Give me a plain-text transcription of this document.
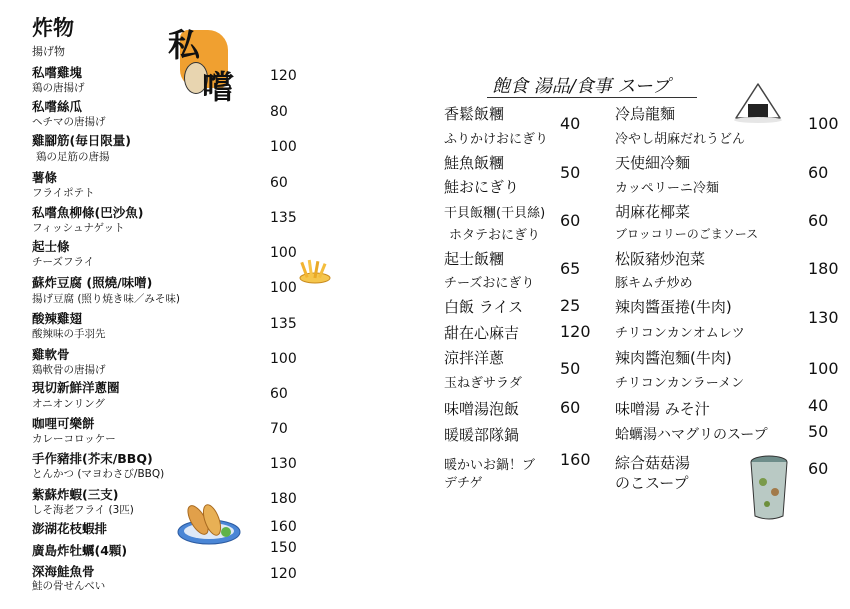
炸物
揚げ物	私
嚐
私嚐雞塊
鶏の唐揚げ
120
私嚐絲瓜
ヘチマの唐揚げ
80
雞腳筋(毎日限量)
鶏の足筋の唐揚
100
薯條
フライポテト
60
私嚐魚柳條(巴沙魚)
フィッシュナゲット
135
起士條
チーズフライ
100
蘇炸豆腐 (照燒/味噌)
揚げ豆腐 (照り焼き味／みそ味)
100
酸辣雞翅
酸辣味の手羽先
135
雞軟骨
鶏軟骨の唐揚げ
100
現切新鮮洋蔥圈
オニオンリング
60
咖哩可樂餅
カレーコロッケー
70
手作豬排(芥末/BBQ)
とんかつ (マヨわさび/BBQ)
130
紫蘇炸蝦(三支)
しそ海老フライ (3匹)
180
澎湖花枝蝦排	160
廣島炸牡蠣(4顆)	150
深海鮭魚骨
鮭の骨せんべい
120
飽食 湯品/食事 スープ
香鬆飯糰
ふりかけおにぎり
40
鮭魚飯糰
鮭おにぎり
50
干貝飯糰(干貝絲)
ホタテおにぎり
60
起士飯糰
チーズおにぎり
65
白飯 ライス 25
甜在心麻吉	120
涼拌洋蔥
玉ねぎサラダ
50
味噌湯泡飯	60
暖暖部隊鍋
暖かいお鍋！ブ
デチゲ
160
冷烏龍麵
冷やし胡麻だれうどん
100
天使細冷麵
カッペリーニ冷麺
60
胡麻花椰菜
ブロッコリーのごまソース
60
松阪豬炒泡菜
豚キムチ炒め
180
辣肉醬蛋捲(牛肉)
チリコンカンオムレツ
130
辣肉醬泡麵(牛肉)
チリコンカンラーメン
100
味噌湯 みそ汁	40
蛤蠣湯ハマグリのスープ	50
綜合菇菇湯
のこスープ
60
